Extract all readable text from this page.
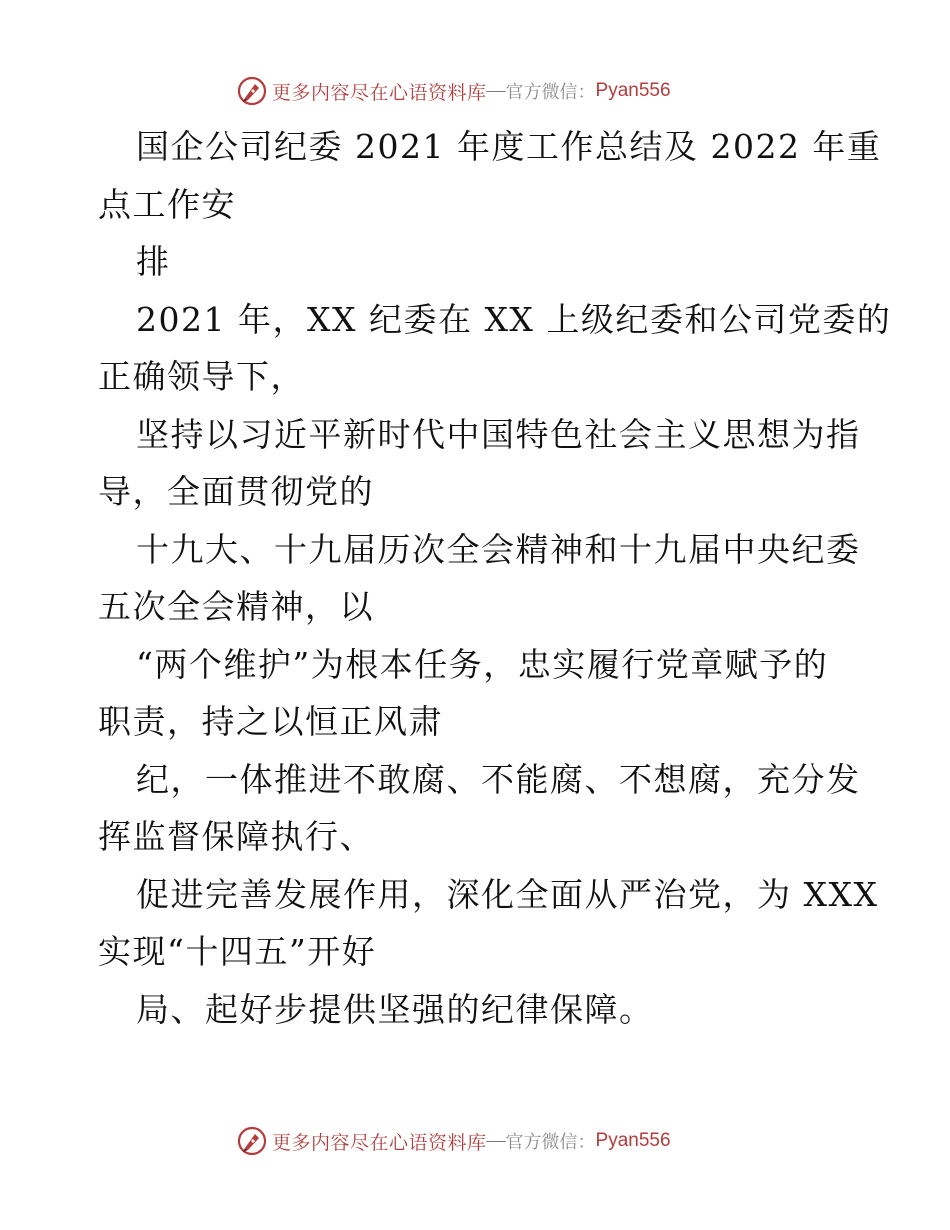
更多内容尽在心语资料库 — 官方微信： Pyan556
国企公司纪委 2021 年度工作总结及 2022 年重
点工作安
排
2021 年，XX 纪委在 XX 上级纪委和公司党委的
正确领导下，
坚持以习近平新时代中国特色社会主义思想为指
导，全面贯彻党的
十九大、十九届历次全会精神和十九届中央纪委
五次全会精神，以
“两个维护”为根本任务，忠实履行党章赋予的
职责，持之以恒正风肃
纪，一体推进不敢腐、不能腐、不想腐，充分发
挥监督保障执行、
促进完善发展作用，深化全面从严治党，为 XXX
实现“十四五”开好
局、起好步提供坚强的纪律保障。
更多内容尽在心语资料库 — 官方微信： Pyan556
